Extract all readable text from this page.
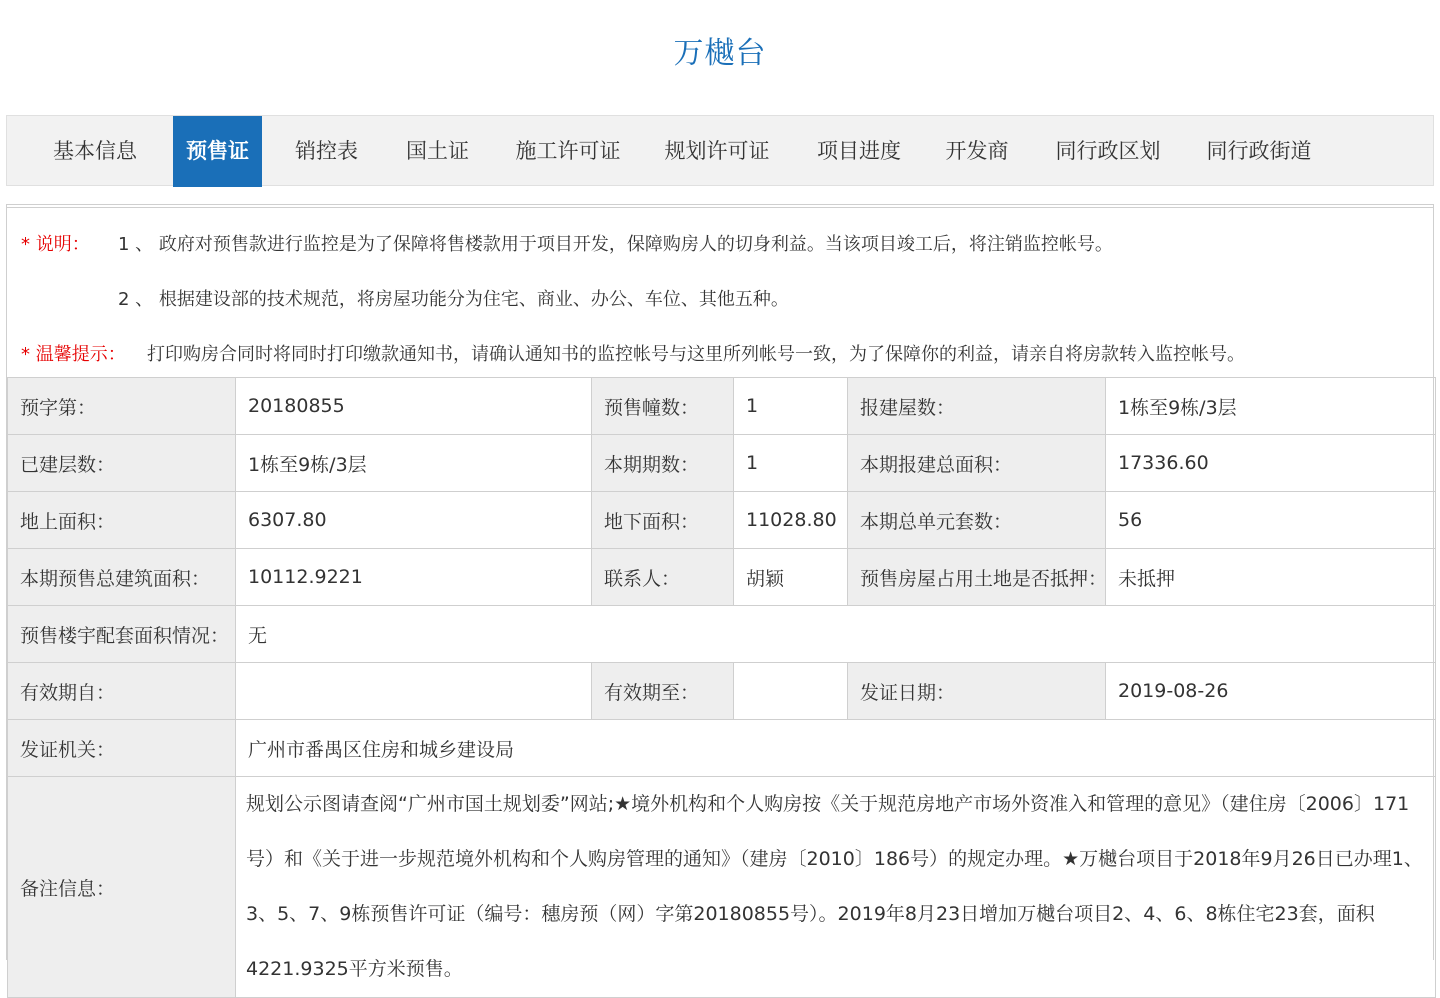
万樾台
基本信息	预售证	销控表	国土证	施工许可证	规划许可证	项目进度	开发商	同行政区划	同行政街道
* 说明： 1 、 政府对预售款进行监控是为了保障将售楼款用于项目开发，保障购房人的切身利益。当该项目竣工后，将注销监控帐号。
2 、 根据建设部的技术规范，将房屋功能分为住宅、商业、办公、车位、其他五种。
* 温馨提示： 打印购房合同时将同时打印缴款通知书，请确认通知书的监控帐号与这里所列帐号一致，为了保障你的利益，请亲自将房款转入监控帐号。
预字第：	20180855	预售幢数：	1	报建屋数：	1栋至9栋/3层
已建层数：	1栋至9栋/3层	本期期数：	1	本期报建总面积：	17336.60
地上面积：	6307.80	地下面积：	11028.80	本期总单元套数：	56
本期预售总建筑面积：	10112.9221	联系人：	胡颖	预售房屋占用土地是否抵押：	未抵押
预售楼宇配套面积情况：	无				
有效期自：		有效期至：		发证日期：	2019-08-26
发证机关：	广州市番禺区住房和城乡建设局				
备注信息：	规划公示图请查阅“广州市国土规划委”网站;★境外机构和个人购房按《关于规范房地产市场外资准入和管理的意见》（建住房〔2006〕171号）和《关于进一步规范境外机构和个人购房管理的通知》（建房〔2010〕186号）的规定办理。★万樾台项目于2018年9月26日已办理1、3、5、7、9栋预售许可证（编号：穗房预（网）字第20180855号）。2019年8月23日增加万樾台项目2、4、6、8栋住宅23套，面积4221.9325平方米预售。				
